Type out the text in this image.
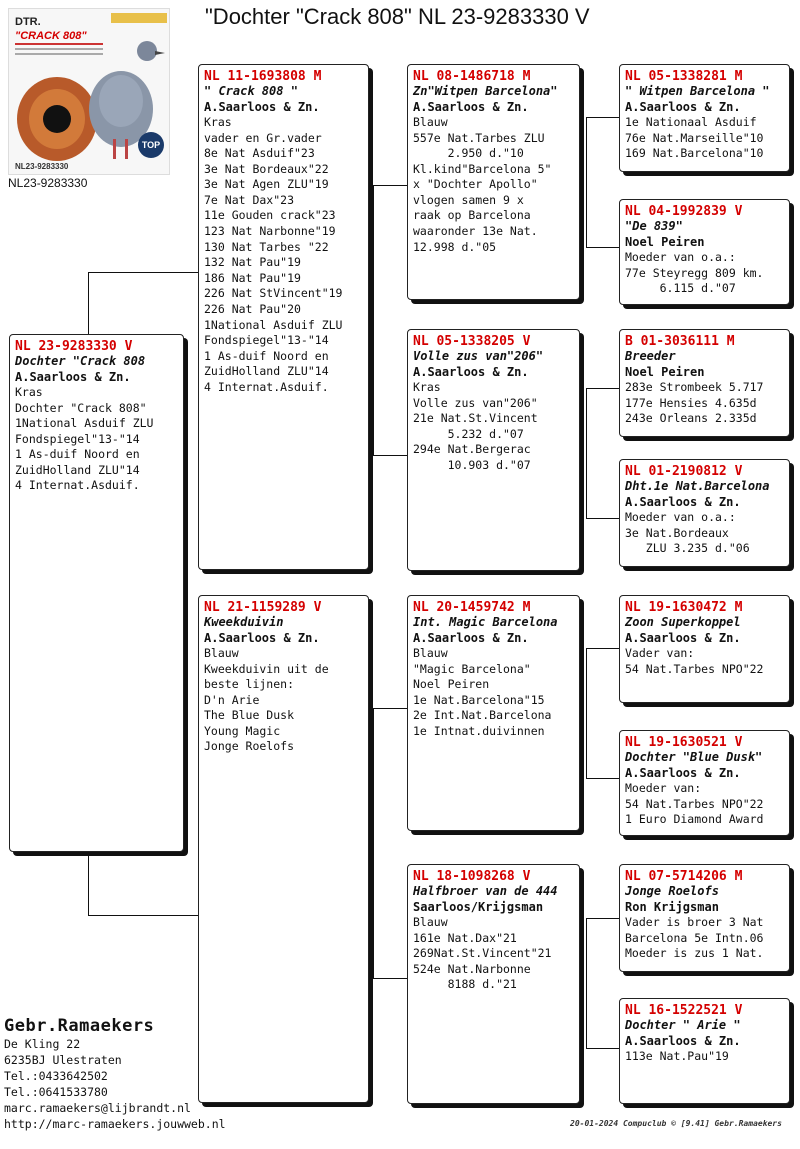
"Dochter "Crack 808" NL 23-9283330 V
DTR.
"CRACK 808"
TOP
NL23-9283330
NL23-9283330
NL 23-9283330 V
Dochter "Crack 808
A.Saarloos & Zn.
Kras
Dochter "Crack 808"
1National Asduif ZLU
Fondspiegel"13-"14
1 As-duif Noord en
ZuidHolland ZLU"14
4 Internat.Asduif.
NL 11-1693808 M
" Crack 808 "
A.Saarloos & Zn.
Kras
vader en Gr.vader
8e Nat Asduif"23
3e Nat Bordeaux"22
3e Nat Agen ZLU"19
7e Nat Dax"23
11e Gouden crack"23
123 Nat Narbonne"19
130 Nat Tarbes "22
132 Nat Pau"19
186 Nat Pau"19
226 Nat StVincent"19
226 Nat Pau"20
1National Asduif ZLU
Fondspiegel"13-"14
1 As-duif Noord en
ZuidHolland ZLU"14
4 Internat.Asduif.
NL 21-1159289 V
Kweekduivin
A.Saarloos & Zn.
Blauw
Kweekduivin uit de
beste lijnen:
D'n Arie
The Blue Dusk
Young Magic
Jonge Roelofs
NL 08-1486718 M
Zn"Witpen Barcelona"
A.Saarloos & Zn.
Blauw
557e Nat.Tarbes ZLU
2.950 d."10
Kl.kind"Barcelona 5"
x "Dochter Apollo"
vlogen samen 9 x
raak op Barcelona
waaronder 13e Nat.
12.998 d."05
NL 05-1338205 V
Volle zus van"206"
A.Saarloos & Zn.
Kras
Volle zus van"206"
21e Nat.St.Vincent
5.232 d."07
294e Nat.Bergerac
10.903 d."07
NL 20-1459742 M
Int. Magic Barcelona
A.Saarloos & Zn.
Blauw
"Magic Barcelona"
Noel Peiren
1e Nat.Barcelona"15
2e Int.Nat.Barcelona
1e Intnat.duivinnen
NL 18-1098268 V
Halfbroer van de 444
Saarloos/Krijgsman
Blauw
161e Nat.Dax"21
269Nat.St.Vincent"21
524e Nat.Narbonne
8188 d."21
NL 05-1338281 M
" Witpen Barcelona "
A.Saarloos & Zn.
1e Nationaal Asduif
76e Nat.Marseille"10
169 Nat.Barcelona"10
NL 04-1992839 V
"De 839"
Noel Peiren
Moeder van o.a.:
77e Steyregg 809 km.
6.115 d."07
B 01-3036111 M
Breeder
Noel Peiren
283e Strombeek 5.717
177e Hensies 4.635d
243e Orleans 2.335d
NL 01-2190812 V
Dht.1e Nat.Barcelona
A.Saarloos & Zn.
Moeder van o.a.:
3e Nat.Bordeaux
ZLU 3.235 d."06
NL 19-1630472 M
Zoon Superkoppel
A.Saarloos & Zn.
Vader van:
54 Nat.Tarbes NPO"22
NL 19-1630521 V
Dochter "Blue Dusk"
A.Saarloos & Zn.
Moeder van:
54 Nat.Tarbes NPO"22
1 Euro Diamond Award
NL 07-5714206 M
Jonge Roelofs
Ron Krijgsman
Vader is broer 3 Nat
Barcelona 5e Intn.06
Moeder is zus 1 Nat.
NL 16-1522521 V
Dochter " Arie "
A.Saarloos & Zn.
113e Nat.Pau"19
Gebr.Ramaekers
De Kling 22
6235BJ Ulestraten
Tel.:0433642502
Tel.:0641533780
marc.ramaekers@lijbrandt.nl
http://marc-ramaekers.jouwweb.nl	20-01-2024 Compuclub © [9.41] Gebr.Ramaekers
